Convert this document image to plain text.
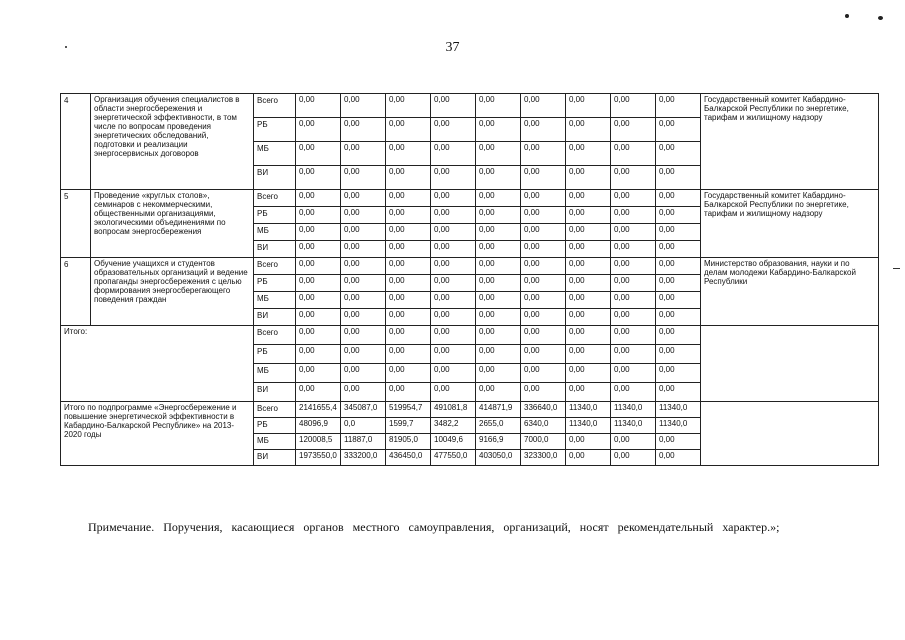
37
4	Организация обучения специалистов в области энергосбережения и энергетической эффективности, в том числе по вопросам проведения энергетических обследований, подготовки и реализации энергосервисных договоров	Всего	0,00	0,00	0,00	0,00	0,00	0,00	0,00	0,00	0,00	Государственный комитет Кабардино-Балкарской Республики по энергетике, тарифам и жилищному надзору
		РБ	0,00	0,00	0,00	0,00	0,00	0,00	0,00	0,00	0,00	
		МБ	0,00	0,00	0,00	0,00	0,00	0,00	0,00	0,00	0,00	
		ВИ	0,00	0,00	0,00	0,00	0,00	0,00	0,00	0,00	0,00	
5	Проведение «круглых столов», семинаров с некоммерческими, общественными организациями, экологическими объединениями по вопросам энергосбережения	Всего	0,00	0,00	0,00	0,00	0,00	0,00	0,00	0,00	0,00	Государственный комитет Кабардино-Балкарской Республики по энергетике, тарифам и жилищному надзору
		РБ	0,00	0,00	0,00	0,00	0,00	0,00	0,00	0,00	0,00	
		МБ	0,00	0,00	0,00	0,00	0,00	0,00	0,00	0,00	0,00	
		ВИ	0,00	0,00	0,00	0,00	0,00	0,00	0,00	0,00	0,00	
6	Обучение учащихся и студентов образовательных организаций и ведение пропаганды энергосбережения с целью формирования энергосберегающего поведения граждан	Всего	0,00	0,00	0,00	0,00	0,00	0,00	0,00	0,00	0,00	Министерство образования, науки и по делам молодежи Кабардино-Балкарской Республики
		РБ	0,00	0,00	0,00	0,00	0,00	0,00	0,00	0,00	0,00	
		МБ	0,00	0,00	0,00	0,00	0,00	0,00	0,00	0,00	0,00	
		ВИ	0,00	0,00	0,00	0,00	0,00	0,00	0,00	0,00	0,00	
Итого:		Всего	0,00	0,00	0,00	0,00	0,00	0,00	0,00	0,00	0,00	
		РБ	0,00	0,00	0,00	0,00	0,00	0,00	0,00	0,00	0,00	
		МБ	0,00	0,00	0,00	0,00	0,00	0,00	0,00	0,00	0,00	
		ВИ	0,00	0,00	0,00	0,00	0,00	0,00	0,00	0,00	0,00	
Итого по подпрограмме «Энергосбережение и повышение энергетической эффективности в Кабардино-Балкарской Республике» на 2013-2020 годы		Всего	2141655,4	345087,0	519954,7	491081,8	414871,9	336640,0	11340,0	11340,0	11340,0	
		РБ	48096,9	0,0	1599,7	3482,2	2655,0	6340,0	11340,0	11340,0	11340,0	
		МБ	120008,5	11887,0	81905,0	10049,6	9166,9	7000,0	0,00	0,00	0,00	
		ВИ	1973550,0	333200,0	436450,0	477550,0	403050,0	323300,0	0,00	0,00	0,00	
Примечание. Поручения, касающиеся органов местного самоуправления, организаций, носят рекомендательный характер.»;
